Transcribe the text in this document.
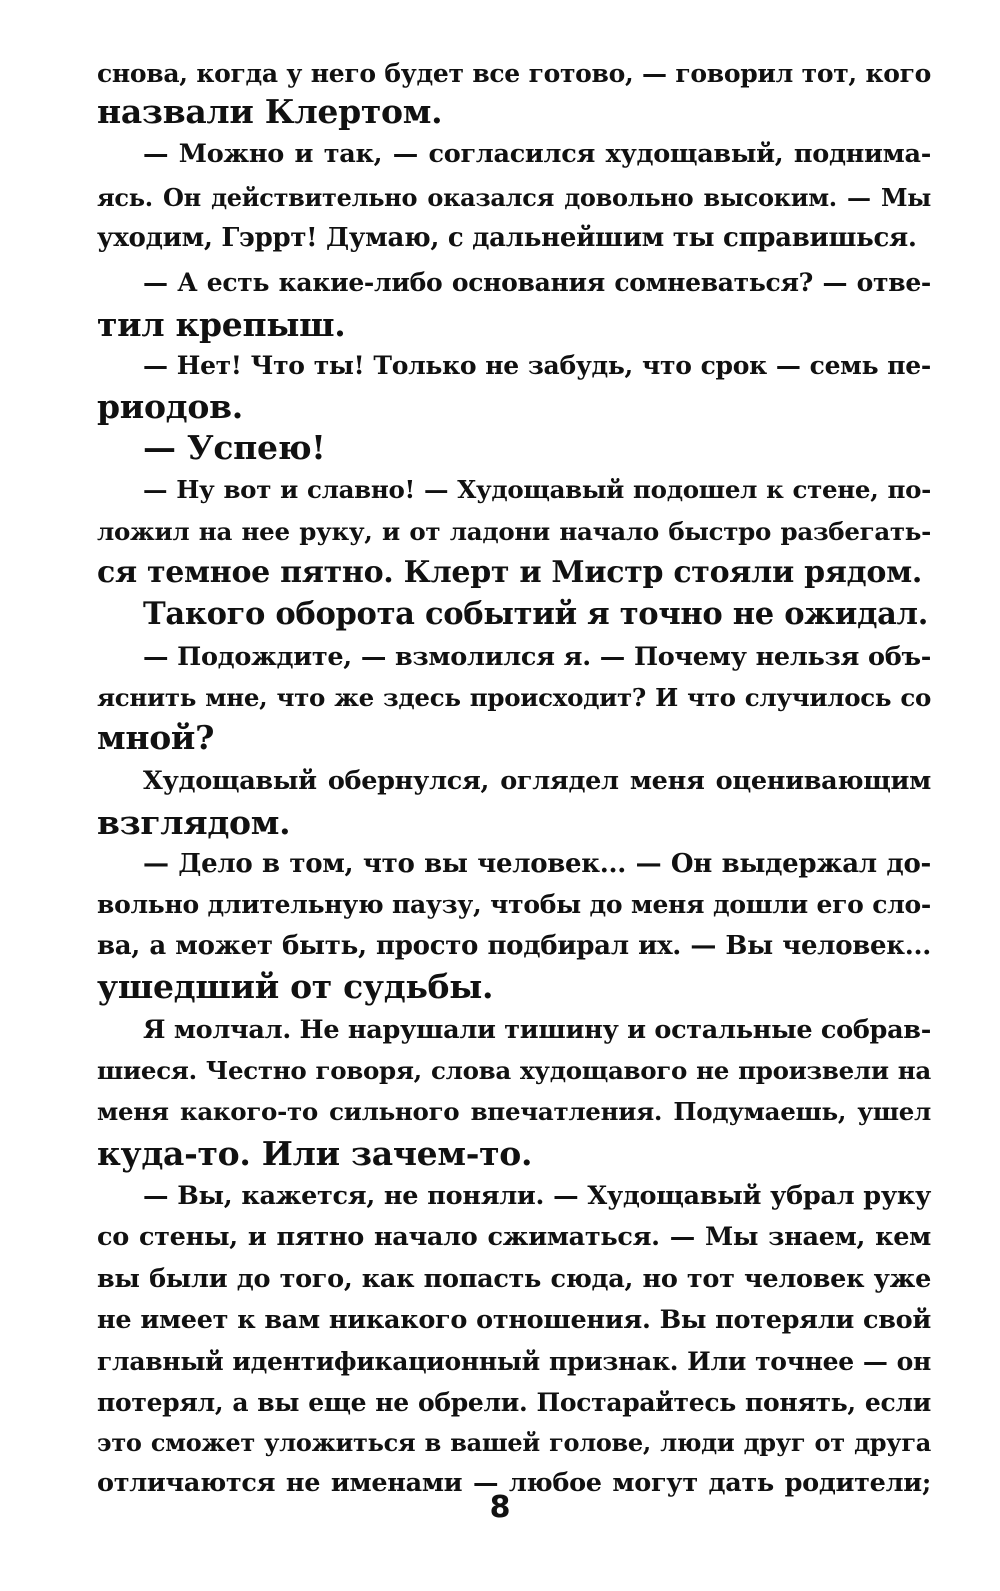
снова, когда у него будет все готово, — говорил тот, кого
назвали Клертом.
— Можно и так, — согласился худощавый, поднима-
ясь. Он действительно оказался довольно высоким. — Мы
уходим, Гэррт! Думаю, с дальнейшим ты справишься.
— А есть какие-либо основания сомневаться? — отве-
тил крепыш.
— Нет! Что ты! Только не забудь, что срок — семь пе-
риодов.
— Успею!
— Ну вот и славно! — Худощавый подошел к стене, по-
ложил на нее руку, и от ладони начало быстро разбегать-
ся темное пятно. Клерт и Мистр стояли рядом.
Такого оборота событий я точно не ожидал.
— Подождите, — взмолился я. — Почему нельзя объ-
яснить мне, что же здесь происходит? И что случилось со
мной?
Худощавый обернулся, оглядел меня оценивающим
взглядом.
— Дело в том, что вы человек... — Он выдержал до-
вольно длительную паузу, чтобы до меня дошли его сло-
ва, а может быть, просто подбирал их. — Вы человек...
ушедший от судьбы.
Я молчал. Не нарушали тишину и остальные собрав-
шиеся. Честно говоря, слова худощавого не произвели на
меня какого-то сильного впечатления. Подумаешь, ушел
куда-то. Или зачем-то.
— Вы, кажется, не поняли. — Худощавый убрал руку
со стены, и пятно начало сжиматься. — Мы знаем, кем
вы были до того, как попасть сюда, но тот человек уже
не имеет к вам никакого отношения. Вы потеряли свой
главный идентификационный признак. Или точнее — он
потерял, а вы еще не обрели. Постарайтесь понять, если
это сможет уложиться в вашей голове, люди друг от друга
отличаются не именами — любое могут дать родители;
8
